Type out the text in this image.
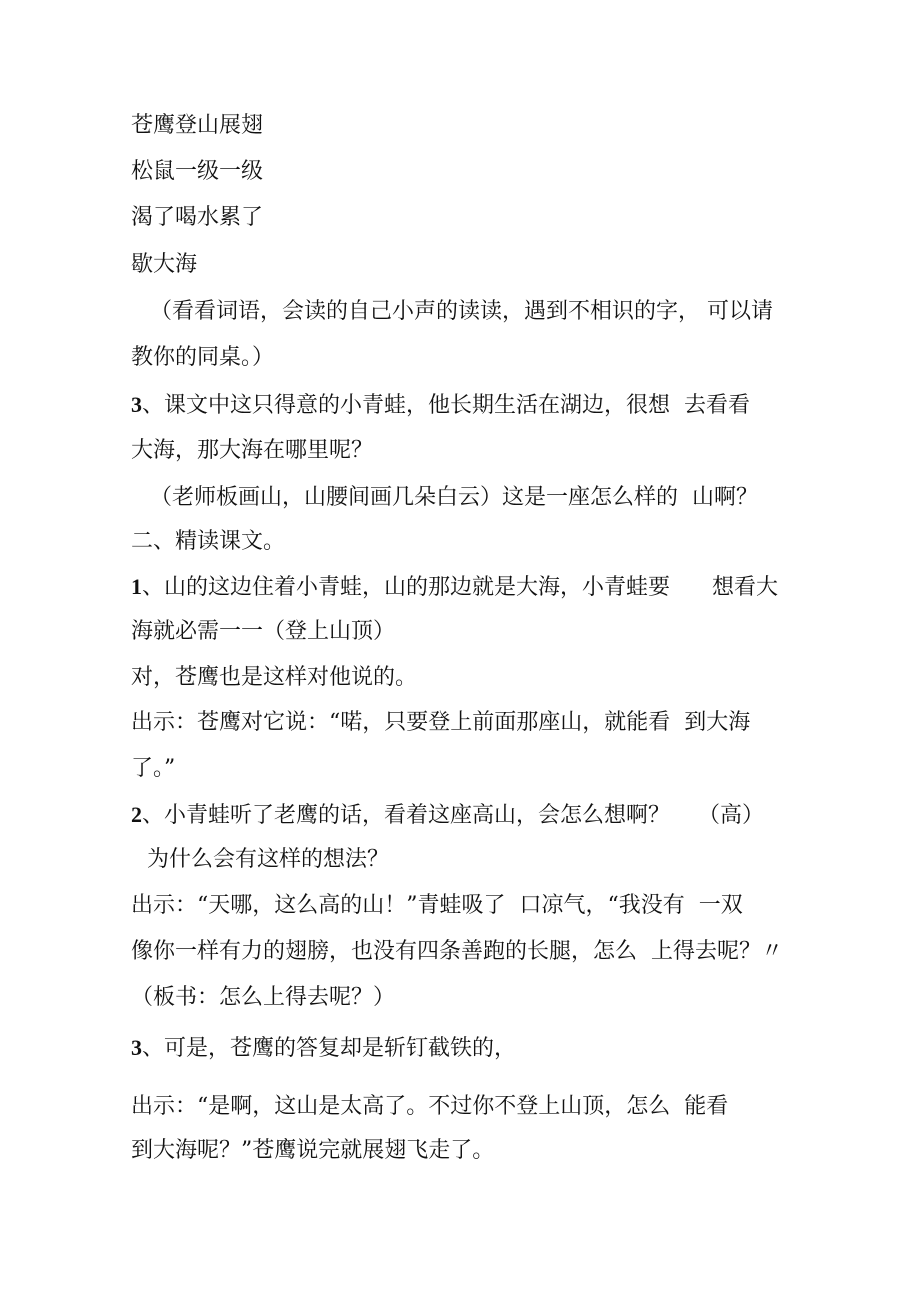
苍鹰登山展翅
松鼠一级一级
渴了喝水累了
歇大海
（看看词语，会读的自己小声的读读，遇到不相识的字， 可以请
教你的同桌。）
3、课文中这只得意的小青蛙，他长期生活在湖边，很想  去看看
大海，那大海在哪里呢？
（老师板画山，山腰间画几朵白云）这是一座怎么样的  山啊？
二、精读课文。
1、山的这边住着小青蛙，山的那边就是大海，小青蛙要      想看大
海就必需一一（登上山顶）
对，苍鹰也是这样对他说的。
出示：苍鹰对它说：“喏，只要登上前面那座山，就能看  到大海
了。”
2、小青蛙听了老鹰的话，看着这座高山，会怎么想啊？    （高）
为什么会有这样的想法？
出示：“天哪，这么高的山！”青蛙吸了  口凉气，“我没有  一双
像你一样有力的翅膀，也没有四条善跑的长腿，怎么  上得去呢？〃
（板书：怎么上得去呢？）
3、可是，苍鹰的答复却是斩钉截铁的，
出示：“是啊，这山是太高了。不过你不登上山顶，怎么  能看
到大海呢？”苍鹰说完就展翅飞走了。
